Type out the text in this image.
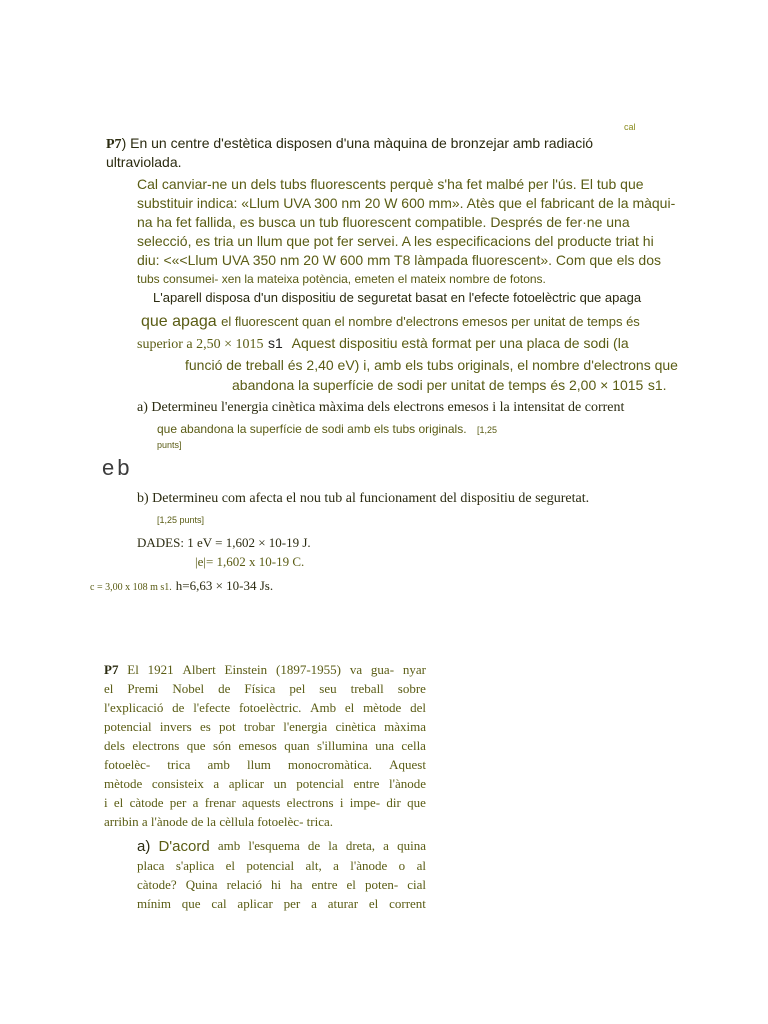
cal
P7) En un centre d'estètica disposen d'una màquina de bronzejar amb radiació
ultraviolada.
Cal canviar-ne un dels tubs fluorescents perquè s'ha fet malbé per l'ús. El tub que
substituir indica: «Llum UVA 300 nm 20 W 600 mm». Atès que el fabricant de la màqui-
na ha fet fallida, es busca un tub fluorescent compatible. Després de fer·ne una
selecció, es tria un llum que pot fer servei. A les especificacions del producte triat hi
diu: <«<Llum UVA 350 nm 20 W 600 mm T8 làmpada fluorescent». Com que els dos
tubs consumei- xen la mateixa potència, emeten el mateix nombre de fotons.
L'aparell disposa d'un dispositiu de seguretat basat en l'efecte fotoelèctric que apaga
que apaga el fluorescent quan el nombre d'electrons emesos per unitat de temps és
superior a 2,50 × 1015 s1 Aquest dispositiu està format per una placa de sodi (la
funció de treball és 2,40 eV) i, amb els tubs originals, el nombre d'electrons que
abandona la superfície de sodi per unitat de temps és 2,00 × 1015 s1.
a) Determineu l'energia cinètica màxima dels electrons emesos i la intensitat de corrent
que abandona la superfície de sodi amb els tubs originals. [1,25
punts]
eb
b) Determineu com afecta el nou tub al funcionament del dispositiu de seguretat.
[1,25 punts]
DADES: 1 eV = 1,602 × 10-19 J.
|e|= 1,602 x 10-19 C.
c = 3,00 x 108 m s1. h=6,63 × 10-34 Js.
P7 El 1921 Albert Einstein (1897-1955) va gua- nyar
el Premi Nobel de Física pel seu treball sobre
l'explicació de l'efecte fotoelèctric. Amb el mètode del
potencial invers es pot trobar l'energia cinètica màxima
dels electrons que són emesos quan s'illumina una cella
fotoelèc- trica amb llum monocromàtica. Aquest
mètode consisteix a aplicar un potencial entre l'ànode
i el càtode per a frenar aquests electrons i impe- dir que
arribin a l'ànode de la cèllula fotoelèc- trica.
a) D'acord amb l'esquema de la dreta, a quina
placa s'aplica el potencial alt, a l'ànode o al
càtode? Quina relació hi ha entre el poten- cial
mínim que cal aplicar per a aturar el corrent
